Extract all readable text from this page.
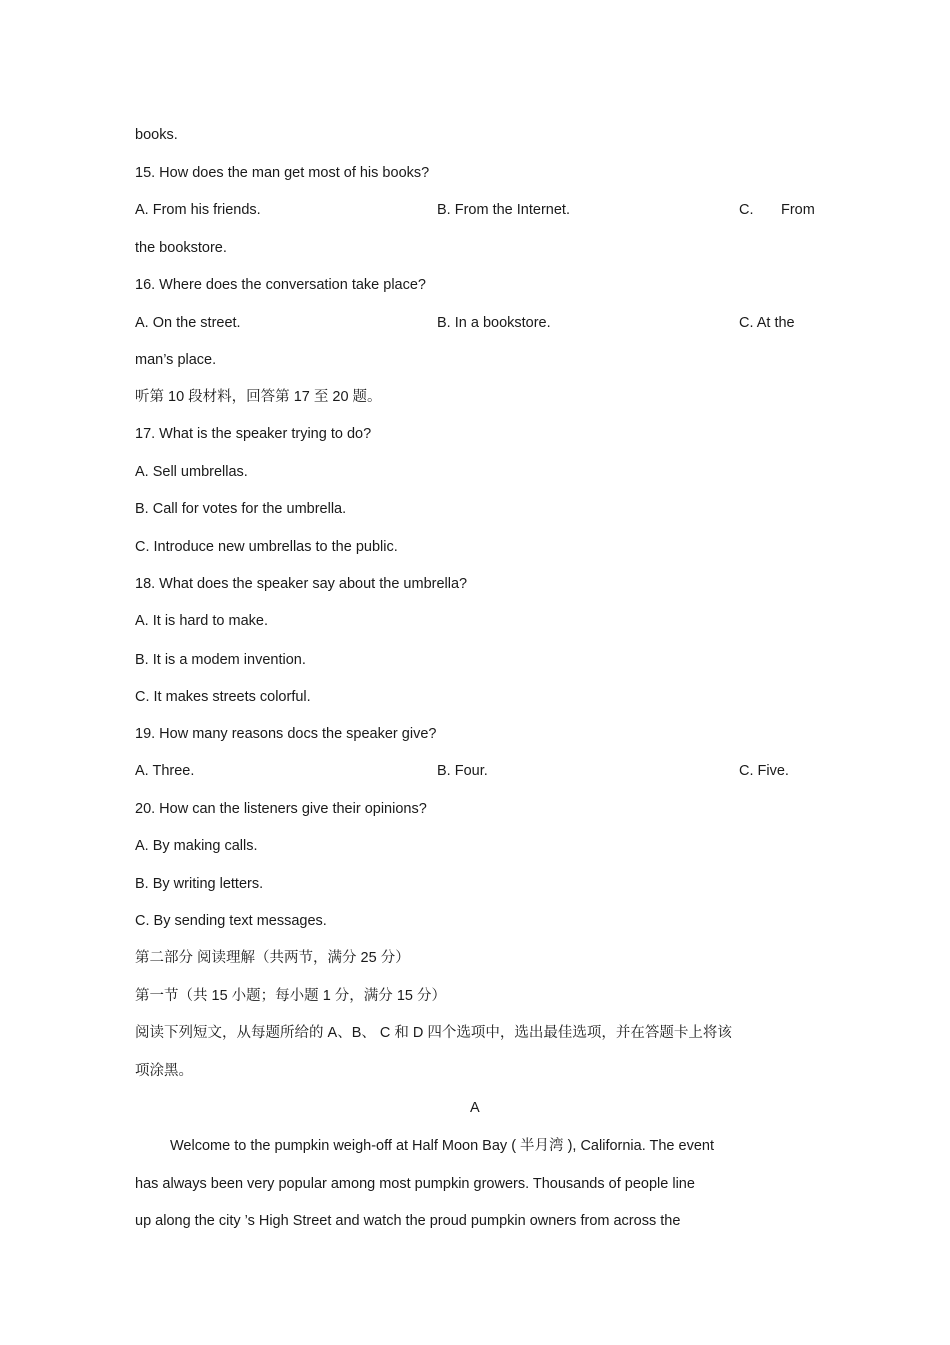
books.
15. How does the man get most of his books?
A. From his friends.	B. From the Internet.	C. From
the bookstore.
16. Where does the conversation take place?
A. On the street.	B. In a bookstore.	C. At the
man’s place.
听第 10 段材料，回答第 17 至 20 题。
17. What is the speaker trying to do?
A. Sell umbrellas.
B. Call for votes for the umbrella.
C. Introduce new umbrellas to the public.
18. What does the speaker say about the umbrella?
A. It is hard to make.
B. It is a modem invention.
C. It makes streets colorful.
19. How many reasons docs the speaker give?
A. Three.	B. Four.	C. Five.
20. How can the listeners give their opinions?
A. By making calls.
B. By writing letters.
C. By sending text messages.
第二部分 阅读理解（共两节，满分 25 分）
第一节（共 15 小题；每小题 1 分，满分 15 分）
阅读下列短文，从每题所给的 A、B、 C 和 D 四个选项中，选出最佳选项，并在答题卡上将该
项涂黑。
A
Welcome to the pumpkin weigh-off at Half Moon Bay ( 半月湾 ), California. The event
has always been very popular among most pumpkin growers. Thousands of people line
up along the city ’s High Street and watch the proud pumpkin owners from across the
